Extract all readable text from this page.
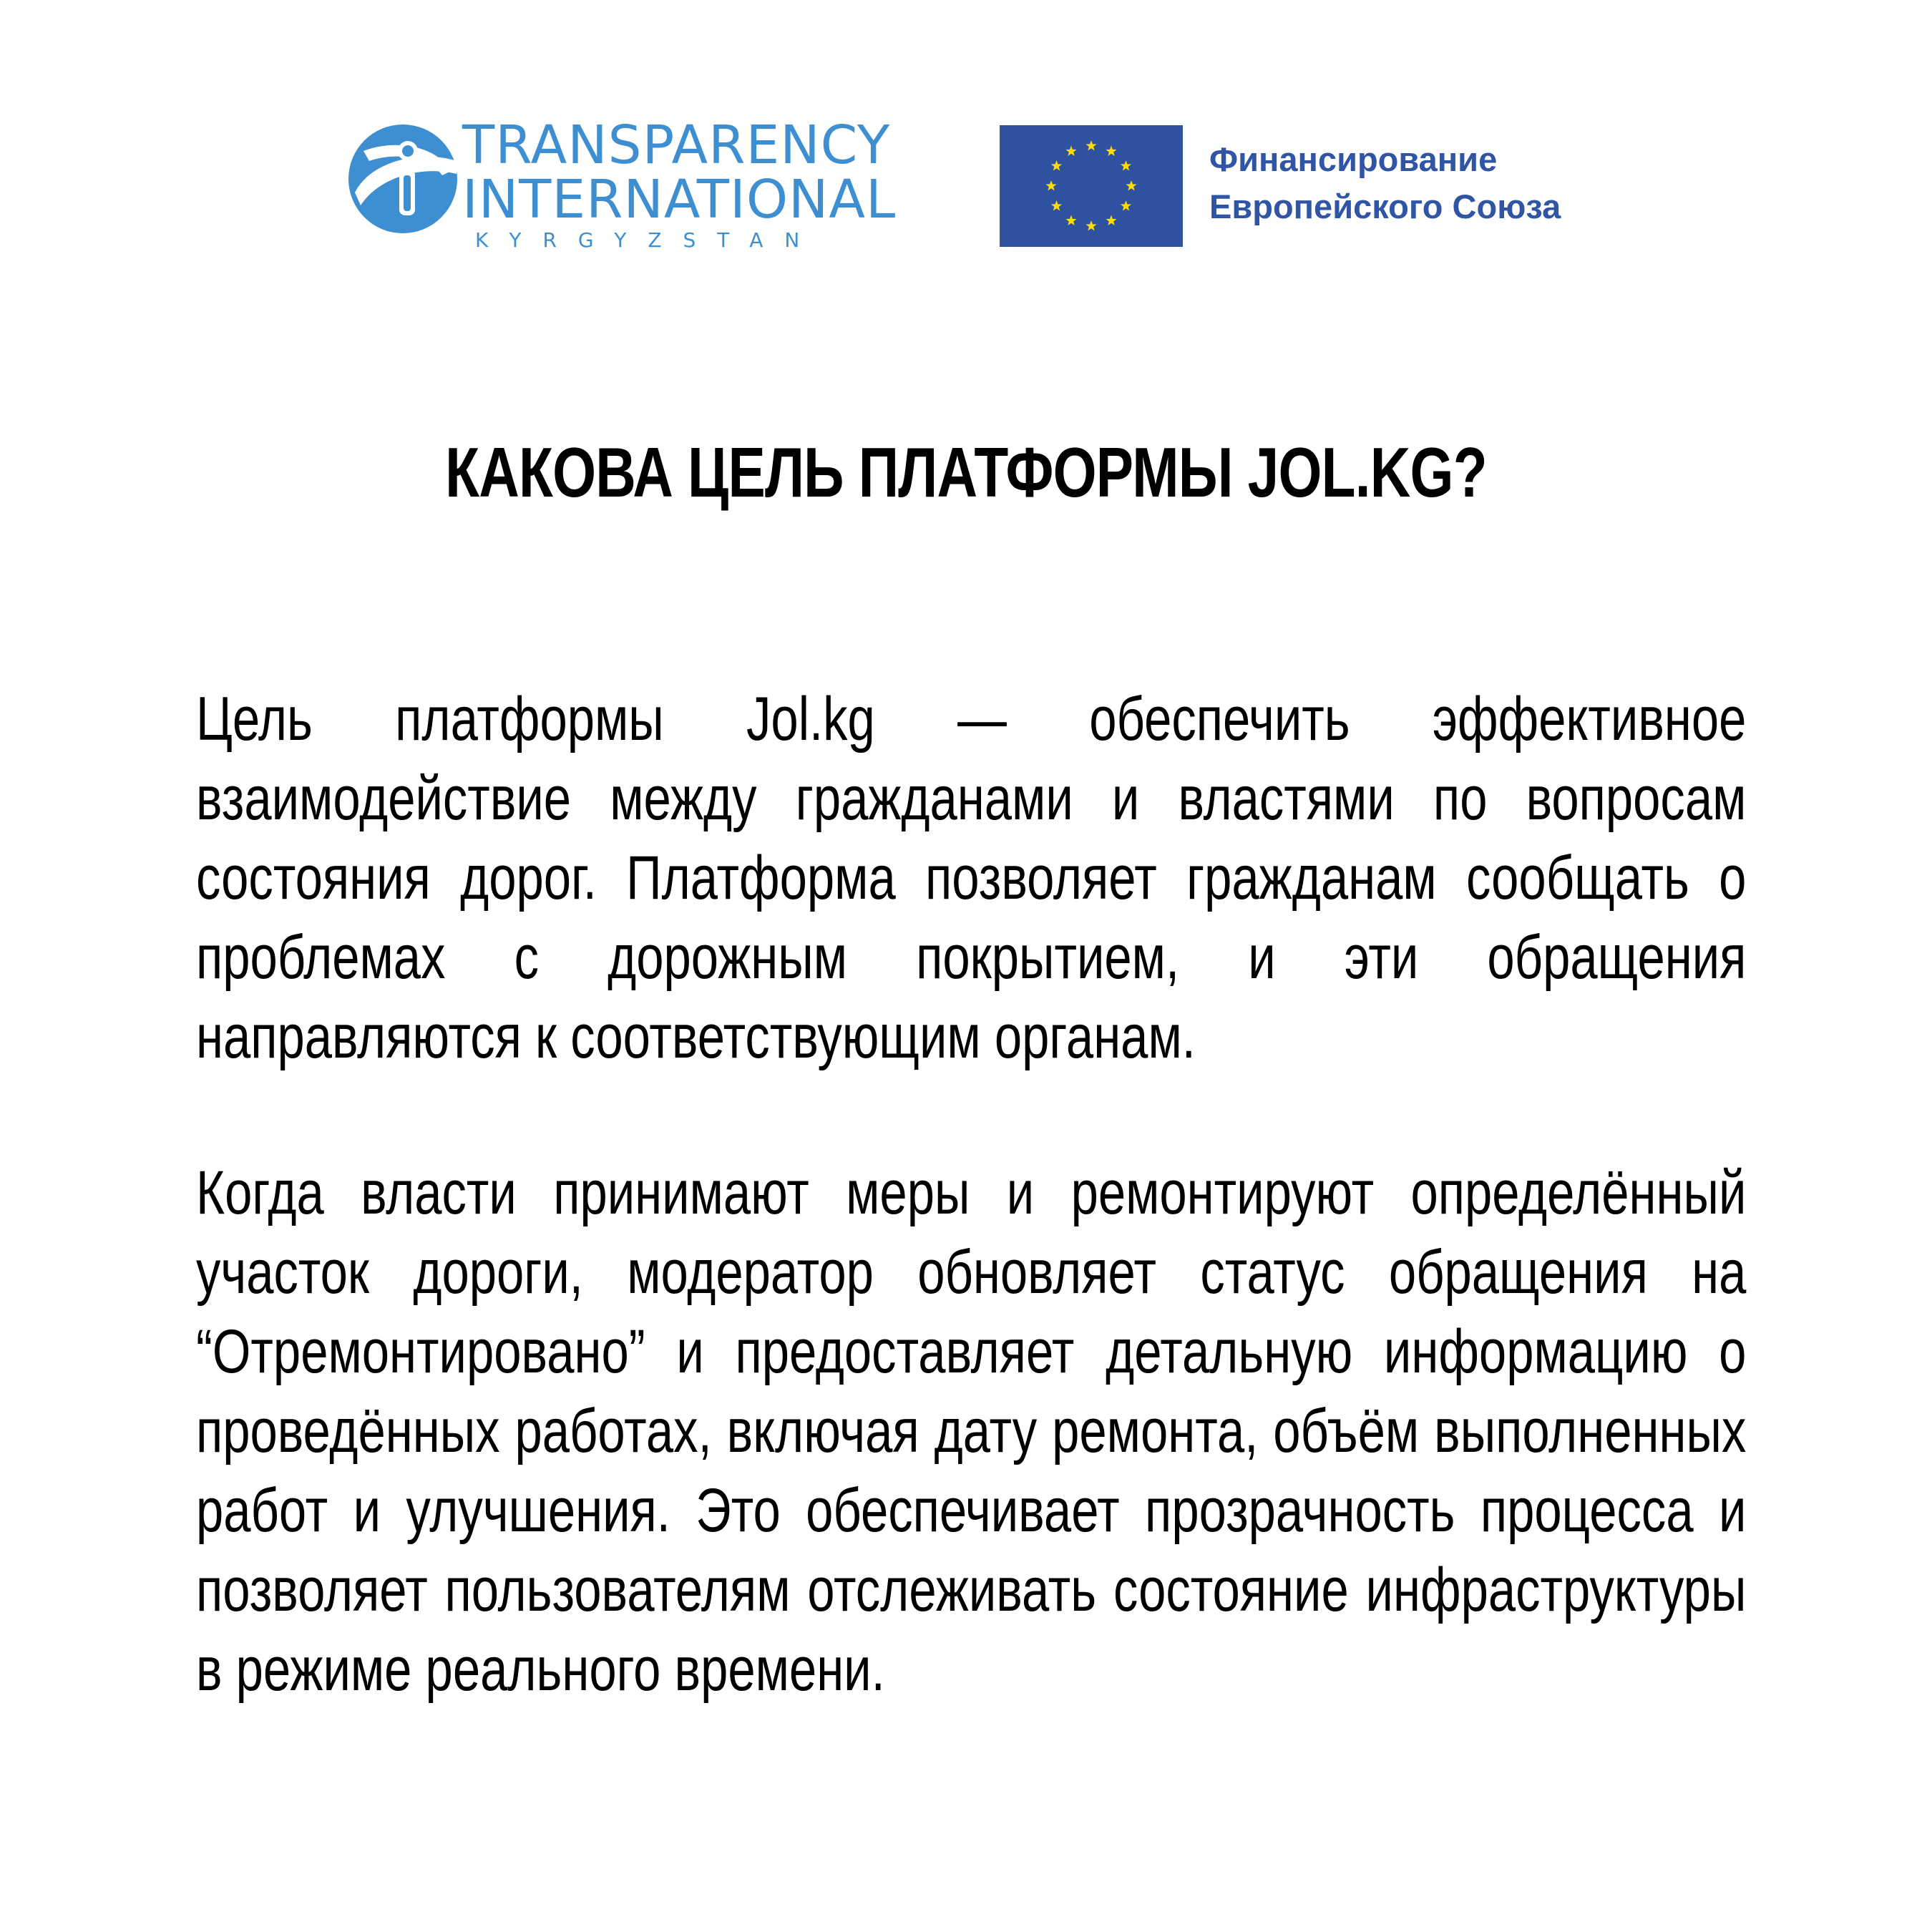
TRANSPARENCY
INTERNATIONAL
KYRGYZSTAN
Финансирование
Европейского Союза
КАКОВА ЦЕЛЬ ПЛАТФОРМЫ JOL.KG?

Цель платформы Jol.kg — обеспечить эффективное взаимодействие между гражданами и властями по вопросам состояния дорог. Платформа позволяет гражданам сообщать о проблемах с дорожным покрытием, и эти обращения направляются к соответствующим органам.

Когда власти принимают меры и ремонтируют определённый участок дороги, модератор обновляет статус обращения на “Отремонтировано” и предоставляет детальную информацию о проведённых работах, включая дату ремонта, объём выполненных работ и улучшения. Это обеспечивает прозрачность процесса и позволяет пользователям отслеживать состояние инфраструктуры в режиме реального времени.
